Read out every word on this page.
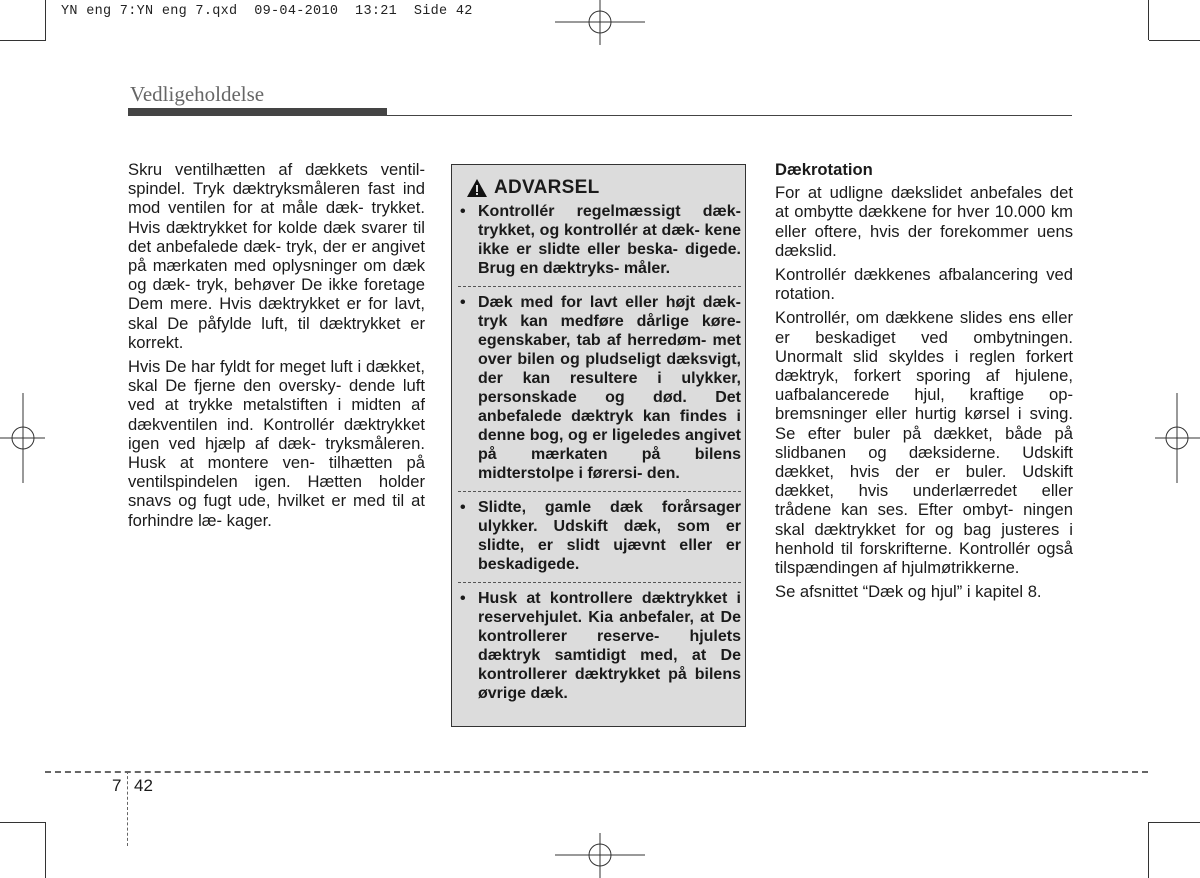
YN eng 7:YN eng 7.qxd  09-04-2010  13:21  Side 42
Vedligeholdelse

Skru ventilhætten af dækkets ventil- spindel. Tryk dæktryksmåleren fast ind mod ventilen for at måle dæk- trykket. Hvis dæktrykket for kolde dæk svarer til det anbefalede dæk- tryk, der er angivet på mærkaten med oplysninger om dæk og dæk- tryk, behøver De ikke foretage Dem mere. Hvis dæktrykket er for lavt, skal De påfylde luft, til dæktrykket er korrekt.

Hvis De har fyldt for meget luft i dækket, skal De fjerne den oversky- dende luft ved at trykke metalstiften i midten af dækventilen ind. Kontrollér dæktrykket igen ved hjælp af dæk- tryksmåleren. Husk at montere ven- tilhætten på ventilspindelen igen. Hætten holder snavs og fugt ude, hvilket er med til at forhindre læ- kager.

ADVARSEL
• Kontrollér regelmæssigt dæk- trykket, og kontrollér at dæk- kene ikke er slidte eller beska- digede. Brug en dæktryks- måler.
• Dæk med for lavt eller højt dæk- tryk kan medføre dårlige køre- egenskaber, tab af herredøm- met over bilen og pludseligt dæksvigt, der kan resultere i ulykker, personskade og død. Det anbefalede dæktryk kan findes i denne bog, og er ligeledes angivet på mærkaten på bilens midterstolpe i førersi- den.
• Slidte, gamle dæk forårsager ulykker. Udskift dæk, som er slidte, er slidt ujævnt eller er beskadigede.
• Husk at kontrollere dæktrykket i reservehjulet. Kia anbefaler, at De kontrollerer reserve- hjulets dæktryk samtidigt med, at De kontrollerer dæktrykket på bilens øvrige dæk.

Dækrotation

For at udligne dækslidet anbefales det at ombytte dækkene for hver 10.000 km eller oftere, hvis der forekommer uens dækslid.

Kontrollér dækkenes afbalancering ved rotation.

Kontrollér, om dækkene slides ens eller er beskadiget ved ombytningen. Unormalt slid skyldes i reglen forkert dæktryk, forkert sporing af hjulene, uafbalancerede hjul, kraftige op- bremsninger eller hurtig kørsel i sving. Se efter buler på dækket, både på slidbanen og dæksiderne. Udskift dækket, hvis der er buler. Udskift dækket, hvis underlærredet eller trådene kan ses. Efter ombyt- ningen skal dæktrykket for og bag justeres i henhold til forskrifterne. Kontrollér også tilspændingen af hjulmøtrikkerne.

Se afsnittet “Dæk og hjul” i kapitel 8.

7 42
